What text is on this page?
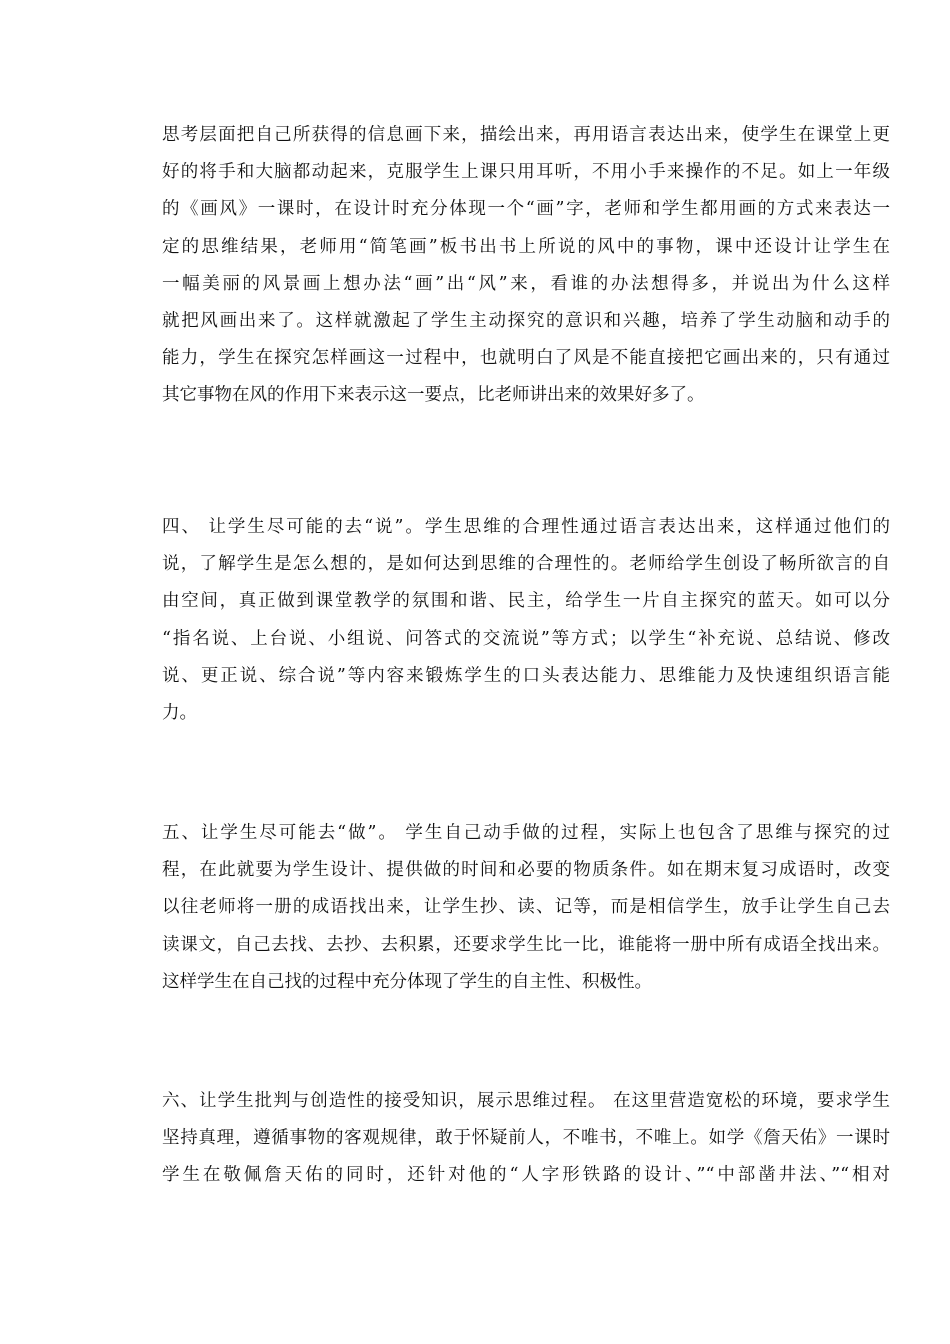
思考层面把自己所获得的信息画下来，描绘出来，再用语言表达出来，使学生在课堂上更
好的将手和大脑都动起来，克服学生上课只用耳听，不用小手来操作的不足。如上一年级
的《画风》一课时，在设计时充分体现一个“画”字，老师和学生都用画的方式来表达一
定的思维结果，老师用“简笔画”板书出书上所说的风中的事物，课中还设计让学生在
一幅美丽的风景画上想办法“画”出“风”来，看谁的办法想得多，并说出为什么这样
就把风画出来了。这样就激起了学生主动探究的意识和兴趣，培养了学生动脑和动手的
能力，学生在探究怎样画这一过程中，也就明白了风是不能直接把它画出来的，只有通过
其它事物在风的作用下来表示这一要点，比老师讲出来的效果好多了。
四、 让学生尽可能的去“说”。学生思维的合理性通过语言表达出来，这样通过他们的
说，了解学生是怎么想的，是如何达到思维的合理性的。老师给学生创设了畅所欲言的自
由空间，真正做到课堂教学的氛围和谐、民主，给学生一片自主探究的蓝天。如可以分
“指名说、上台说、小组说、问答式的交流说”等方式；以学生“补充说、总结说、修改
说、更正说、综合说”等内容来锻炼学生的口头表达能力、思维能力及快速组织语言能
力。
五、让学生尽可能去“做”。 学生自己动手做的过程，实际上也包含了思维与探究的过
程，在此就要为学生设计、提供做的时间和必要的物质条件。如在期末复习成语时，改变
以往老师将一册的成语找出来，让学生抄、读、记等，而是相信学生，放手让学生自己去
读课文，自己去找、去抄、去积累，还要求学生比一比，谁能将一册中所有成语全找出来。
这样学生在自己找的过程中充分体现了学生的自主性、积极性。
六、让学生批判与创造性的接受知识，展示思维过程。 在这里营造宽松的环境，要求学生
坚持真理，遵循事物的客观规律，敢于怀疑前人，不唯书，不唯上。如学《詹天佑》一课时
学生在敬佩詹天佑的同时，还针对他的“人字形铁路的设计、”“中部凿井法、”“相对
